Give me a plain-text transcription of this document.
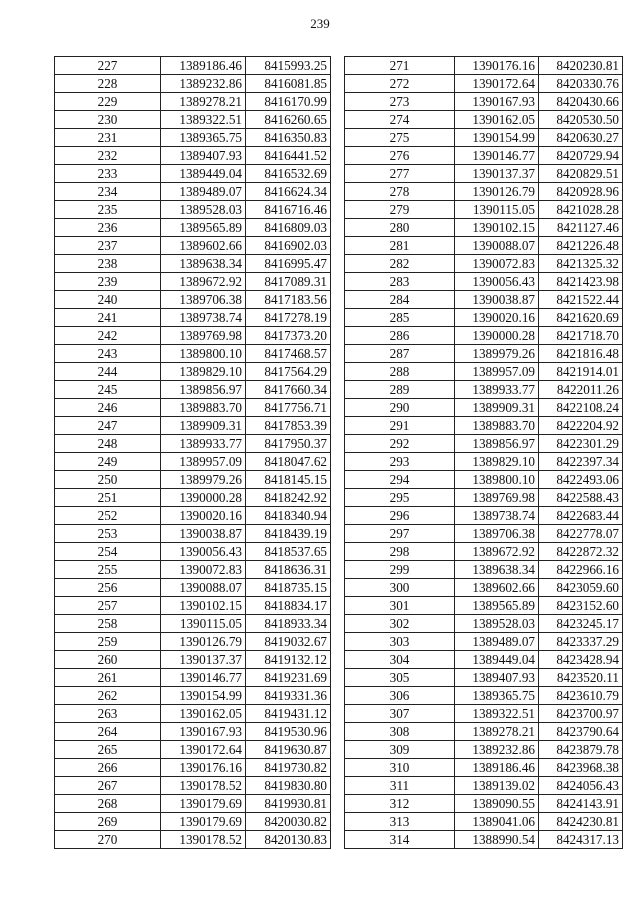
239
227	1389186.46	8415993.25
228	1389232.86	8416081.85
229	1389278.21	8416170.99
230	1389322.51	8416260.65
231	1389365.75	8416350.83
232	1389407.93	8416441.52
233	1389449.04	8416532.69
234	1389489.07	8416624.34
235	1389528.03	8416716.46
236	1389565.89	8416809.03
237	1389602.66	8416902.03
238	1389638.34	8416995.47
239	1389672.92	8417089.31
240	1389706.38	8417183.56
241	1389738.74	8417278.19
242	1389769.98	8417373.20
243	1389800.10	8417468.57
244	1389829.10	8417564.29
245	1389856.97	8417660.34
246	1389883.70	8417756.71
247	1389909.31	8417853.39
248	1389933.77	8417950.37
249	1389957.09	8418047.62
250	1389979.26	8418145.15
251	1390000.28	8418242.92
252	1390020.16	8418340.94
253	1390038.87	8418439.19
254	1390056.43	8418537.65
255	1390072.83	8418636.31
256	1390088.07	8418735.15
257	1390102.15	8418834.17
258	1390115.05	8418933.34
259	1390126.79	8419032.67
260	1390137.37	8419132.12
261	1390146.77	8419231.69
262	1390154.99	8419331.36
263	1390162.05	8419431.12
264	1390167.93	8419530.96
265	1390172.64	8419630.87
266	1390176.16	8419730.82
267	1390178.52	8419830.80
268	1390179.69	8419930.81
269	1390179.69	8420030.82
270	1390178.52	8420130.83
271	1390176.16	8420230.81
272	1390172.64	8420330.76
273	1390167.93	8420430.66
274	1390162.05	8420530.50
275	1390154.99	8420630.27
276	1390146.77	8420729.94
277	1390137.37	8420829.51
278	1390126.79	8420928.96
279	1390115.05	8421028.28
280	1390102.15	8421127.46
281	1390088.07	8421226.48
282	1390072.83	8421325.32
283	1390056.43	8421423.98
284	1390038.87	8421522.44
285	1390020.16	8421620.69
286	1390000.28	8421718.70
287	1389979.26	8421816.48
288	1389957.09	8421914.01
289	1389933.77	8422011.26
290	1389909.31	8422108.24
291	1389883.70	8422204.92
292	1389856.97	8422301.29
293	1389829.10	8422397.34
294	1389800.10	8422493.06
295	1389769.98	8422588.43
296	1389738.74	8422683.44
297	1389706.38	8422778.07
298	1389672.92	8422872.32
299	1389638.34	8422966.16
300	1389602.66	8423059.60
301	1389565.89	8423152.60
302	1389528.03	8423245.17
303	1389489.07	8423337.29
304	1389449.04	8423428.94
305	1389407.93	8423520.11
306	1389365.75	8423610.79
307	1389322.51	8423700.97
308	1389278.21	8423790.64
309	1389232.86	8423879.78
310	1389186.46	8423968.38
311	1389139.02	8424056.43
312	1389090.55	8424143.91
313	1389041.06	8424230.81
314	1388990.54	8424317.13
